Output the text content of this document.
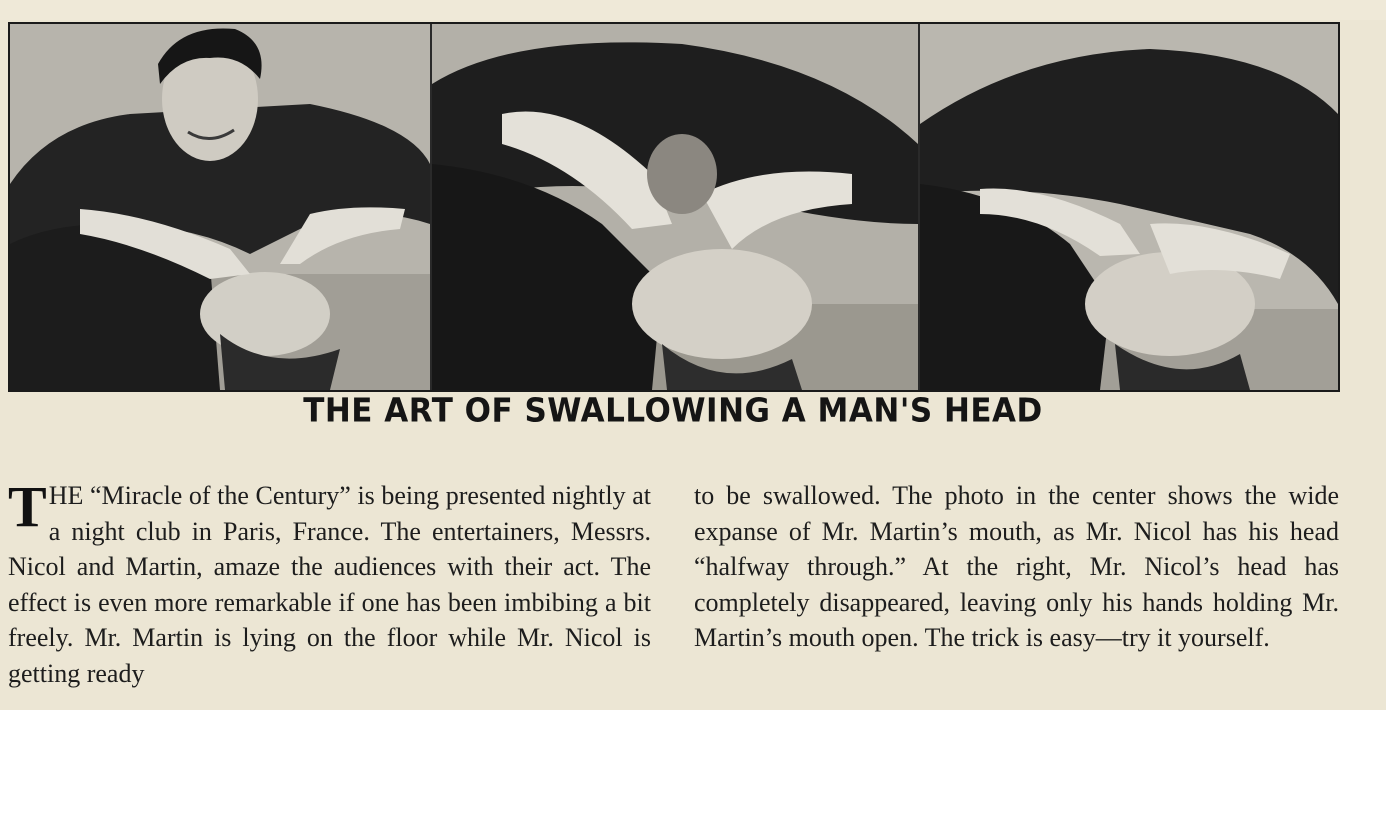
THE ART OF SWALLOWING A MAN'S HEAD
T HE “Miracle of the Century” is being presented nightly at a night club in Paris, France. The entertainers, Messrs. Nicol and Martin, amaze the audiences with their act. The effect is even more remarkable if one has been imbibing a bit freely. Mr. Martin is lying on the floor while Mr. Nicol is getting ready
to be swallowed. The photo in the center shows the wide expanse of Mr. Martin’s mouth, as Mr. Nicol has his head “halfway through.” At the right, Mr. Nicol’s head has completely disappeared, leaving only his hands holding Mr. Martin’s mouth open. The trick is easy—try it yourself.
